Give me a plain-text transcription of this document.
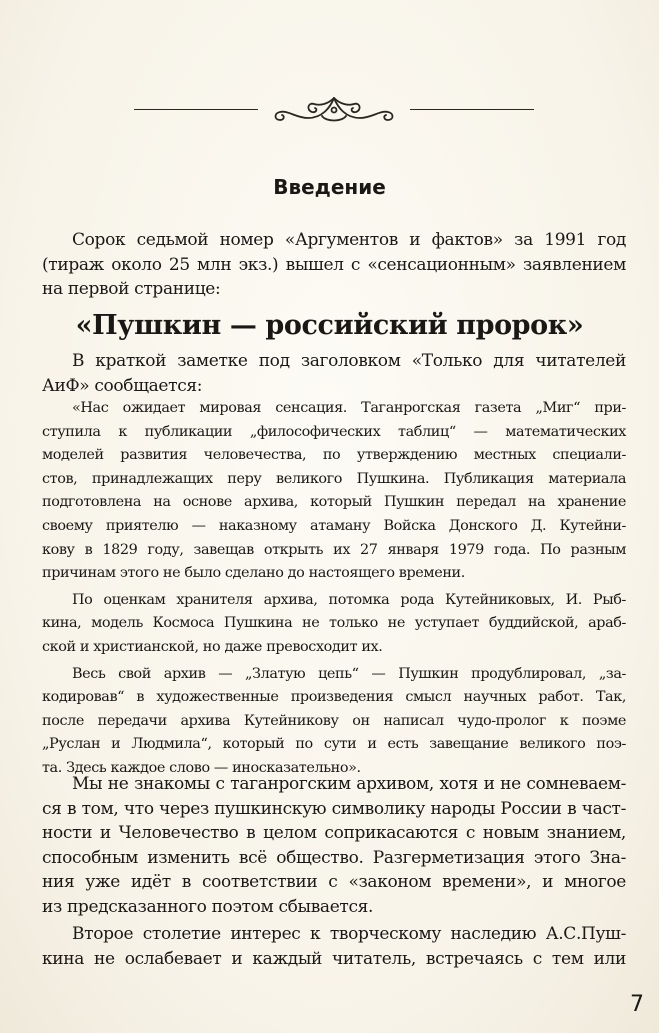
Введение

Сорок седьмой номер «Аргументов и фактов» за 1991 год
(тираж около 25 млн экз.) вышел с «сенсационным» заявлением
на первой странице:

«Пушкин — российский пророк»

В краткой заметке под заголовком «Только для читателей
АиФ» сообщается:

«Нас ожидает мировая сенсация. Таганрогская газета „Миг“ при-
ступила к публикации „философических таблиц“ — математических
моделей развития человечества, по утверждению местных специали-
стов, принадлежащих перу великого Пушкина. Публикация материала
подготовлена на основе архива, который Пушкин передал на хранение
своему приятелю — наказному атаману Войска Донского Д. Кутейни-
кову в 1829 году, завещав открыть их 27 января 1979 года. По разным
причинам этого не было сделано до настоящего времени.

По оценкам хранителя архива, потомка рода Кутейниковых, И. Рыб-
кина, модель Космоса Пушкина не только не уступает буддийской, араб-
ской и христианской, но даже превосходит их.

Весь свой архив — „Златую цепь“ — Пушкин продублировал, „за-
кодировав“ в художественные произведения смысл научных работ. Так,
после передачи архива Кутейникову он написал чудо-пролог к поэме
„Руслан и Людмила“, который по сути и есть завещание великого поэ-
та. Здесь каждое слово — иносказательно».

Мы не знакомы с таганрогским архивом, хотя и не сомневаем-
ся в том, что через пушкинскую символику народы России в част-
ности и Человечество в целом соприкасаются с новым знанием,
способным изменить всё общество. Разгерметизация этого Зна-
ния уже идёт в соответствии с «законом времени», и многое
из предсказанного поэтом сбывается.

Второе столетие интерес к творческому наследию А.С.Пуш-
кина не ослабевает и каждый читатель, встречаясь с тем или

7
